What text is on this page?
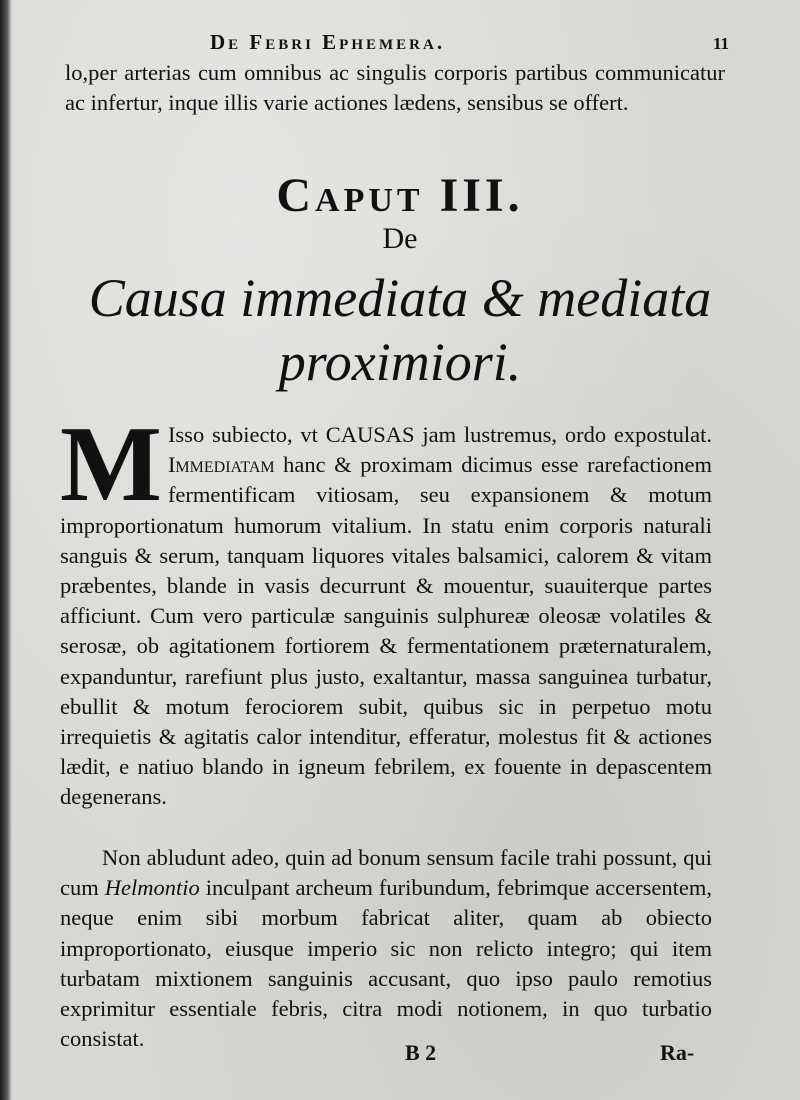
De Febri Ephemera.	11
lo,per arterias cum omnibus ac singulis corporis partibus communicatur ac infertur, inque illis varie actiones lædens, sensibus se offert.
Caput III.
De
Causa immediata & mediata proximiori.
M Isso subiecto, vt CAUSAS jam lustremus, ordo expostulat. Immediatam hanc & proximam dicimus esse rarefactionem fermentificam vitiosam, seu expansionem & motum improportionatum humorum vitalium. In statu enim corporis naturali sanguis & serum, tanquam liquores vitales balsamici, calorem & vitam præbentes, blande in vasis decurrunt & mouentur, suauiterque partes afficiunt. Cum vero particulæ sanguinis sulphureæ oleosæ volatiles & serosæ, ob agitationem fortiorem & fermentationem præternaturalem, expanduntur, rarefiunt plus justo, exaltantur, massa sanguinea turbatur, ebullit & motum ferociorem subit, quibus sic in perpetuo motu irrequietis & agitatis calor intenditur, efferatur, molestus fit & actiones lædit, e natiuo blando in igneum febrilem, ex fouente in depascentem degenerans.
Non abludunt adeo, quin ad bonum sensum facile trahi possunt, qui cum Helmontio inculpant archeum furibundum, febrimque accersentem, neque enim sibi morbum fabricat aliter, quam ab obiecto improportionato, eiusque imperio sic non relicto integro; qui item turbatam mixtionem sanguinis accusant, quo ipso paulo remotius exprimitur essentiale febris, citra modi notionem, in quo turbatio consistat.
B 2	Ra-
